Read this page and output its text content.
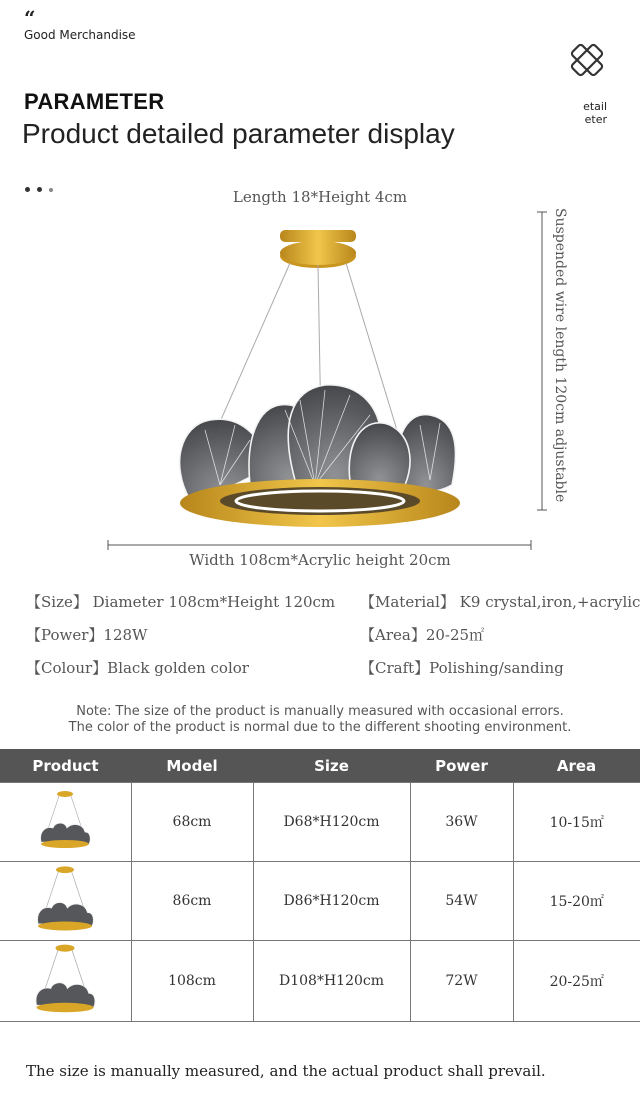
“
Good Merchandise
etail
eter
PARAMETER
Product detailed parameter display
Length 18*Height 4cm
Suspended wire length 120cm adjustable
Width 108cm*Acrylic height 20cm
【Size】 Diameter 108cm*Height 120cm 【Material】 K9 crystal,iron,+acrylic
【Power】128W	【Area】20-25㎡
【Colour】Black golden color	【Craft】Polishing/sanding
Note: The size of the product is manually measured with occasional errors.
The color of the product is normal due to the different shooting environment.
Product	Model	Size	Power	Area
	68cm	D68*H120cm	36W	10-15㎡
	86cm	D86*H120cm	54W	15-20㎡
	108cm	D108*H120cm	72W	20-25㎡
The size is manually measured, and the actual product shall prevail.
